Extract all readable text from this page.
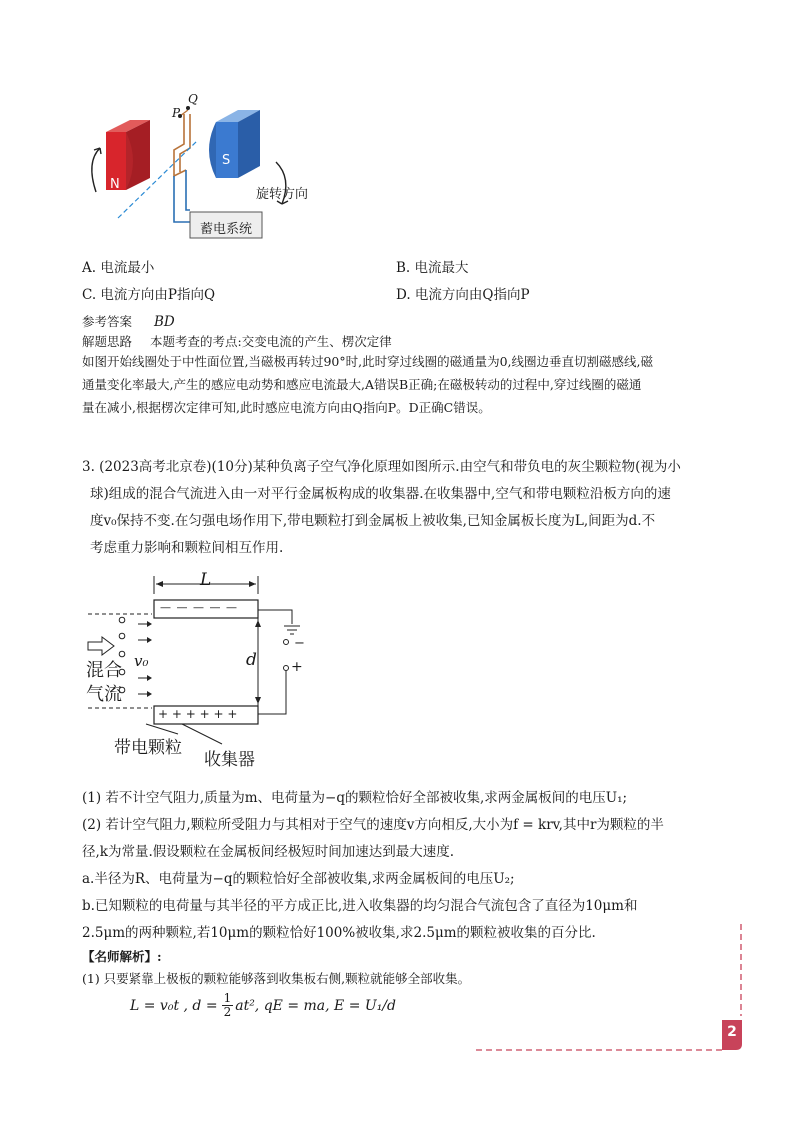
N
S
P
Q
旋转方向
蓄电系统
A. 电流最小	B. 电流最大
C. 电流方向由P指向Q	D. 电流方向由Q指向P
参考答案 BD
解题思路 本题考查的考点:交变电流的产生、楞次定律
如图开始线圈处于中性面位置,当磁极再转过90°时,此时穿过线圈的磁通量为0,线圈边垂直切割磁感线,磁
通量变化率最大,产生的感应电动势和感应电流最大,A错误B正确;在磁极转动的过程中,穿过线圈的磁通
量在减小,根据楞次定律可知,此时感应电流方向由Q指向P。D正确C错误。
3. (2023高考北京卷)(10分)某种负离子空气净化原理如图所示.由空气和带负电的灰尘颗粒物(视为小
球)组成的混合气流进入由一对平行金属板构成的收集器.在收集器中,空气和带电颗粒沿板方向的速
度v₀保持不变.在匀强电场作用下,带电颗粒打到金属板上被收集,已知金属板长度为L,间距为d.不
考虑重力影响和颗粒间相互作用.
L
— — — — —
+ + + + + +
d
−
+
v₀
混合
气流
带电颗粒
收集器
(1) 若不计空气阻力,质量为m、电荷量为−q的颗粒恰好全部被收集,求两金属板间的电压U₁;
(2) 若计空气阻力,颗粒所受阻力与其相对于空气的速度v方向相反,大小为f = krv,其中r为颗粒的半
径,k为常量.假设颗粒在金属板间经极短时间加速达到最大速度.
a.半径为R、电荷量为−q的颗粒恰好全部被收集,求两金属板间的电压U₂;
b.已知颗粒的电荷量与其半径的平方成正比,进入收集器的均匀混合气流包含了直径为10μm和
2.5μm的两种颗粒,若10μm的颗粒恰好100%被收集,求2.5μm的颗粒被收集的百分比.
【名师解析】:
(1) 只要紧靠上极板的颗粒能够落到收集板右侧,颗粒就能够全部收集。
L = v₀t , $d = \frac{1}{2} at^2$, qE = ma, E = U₁/d
2
